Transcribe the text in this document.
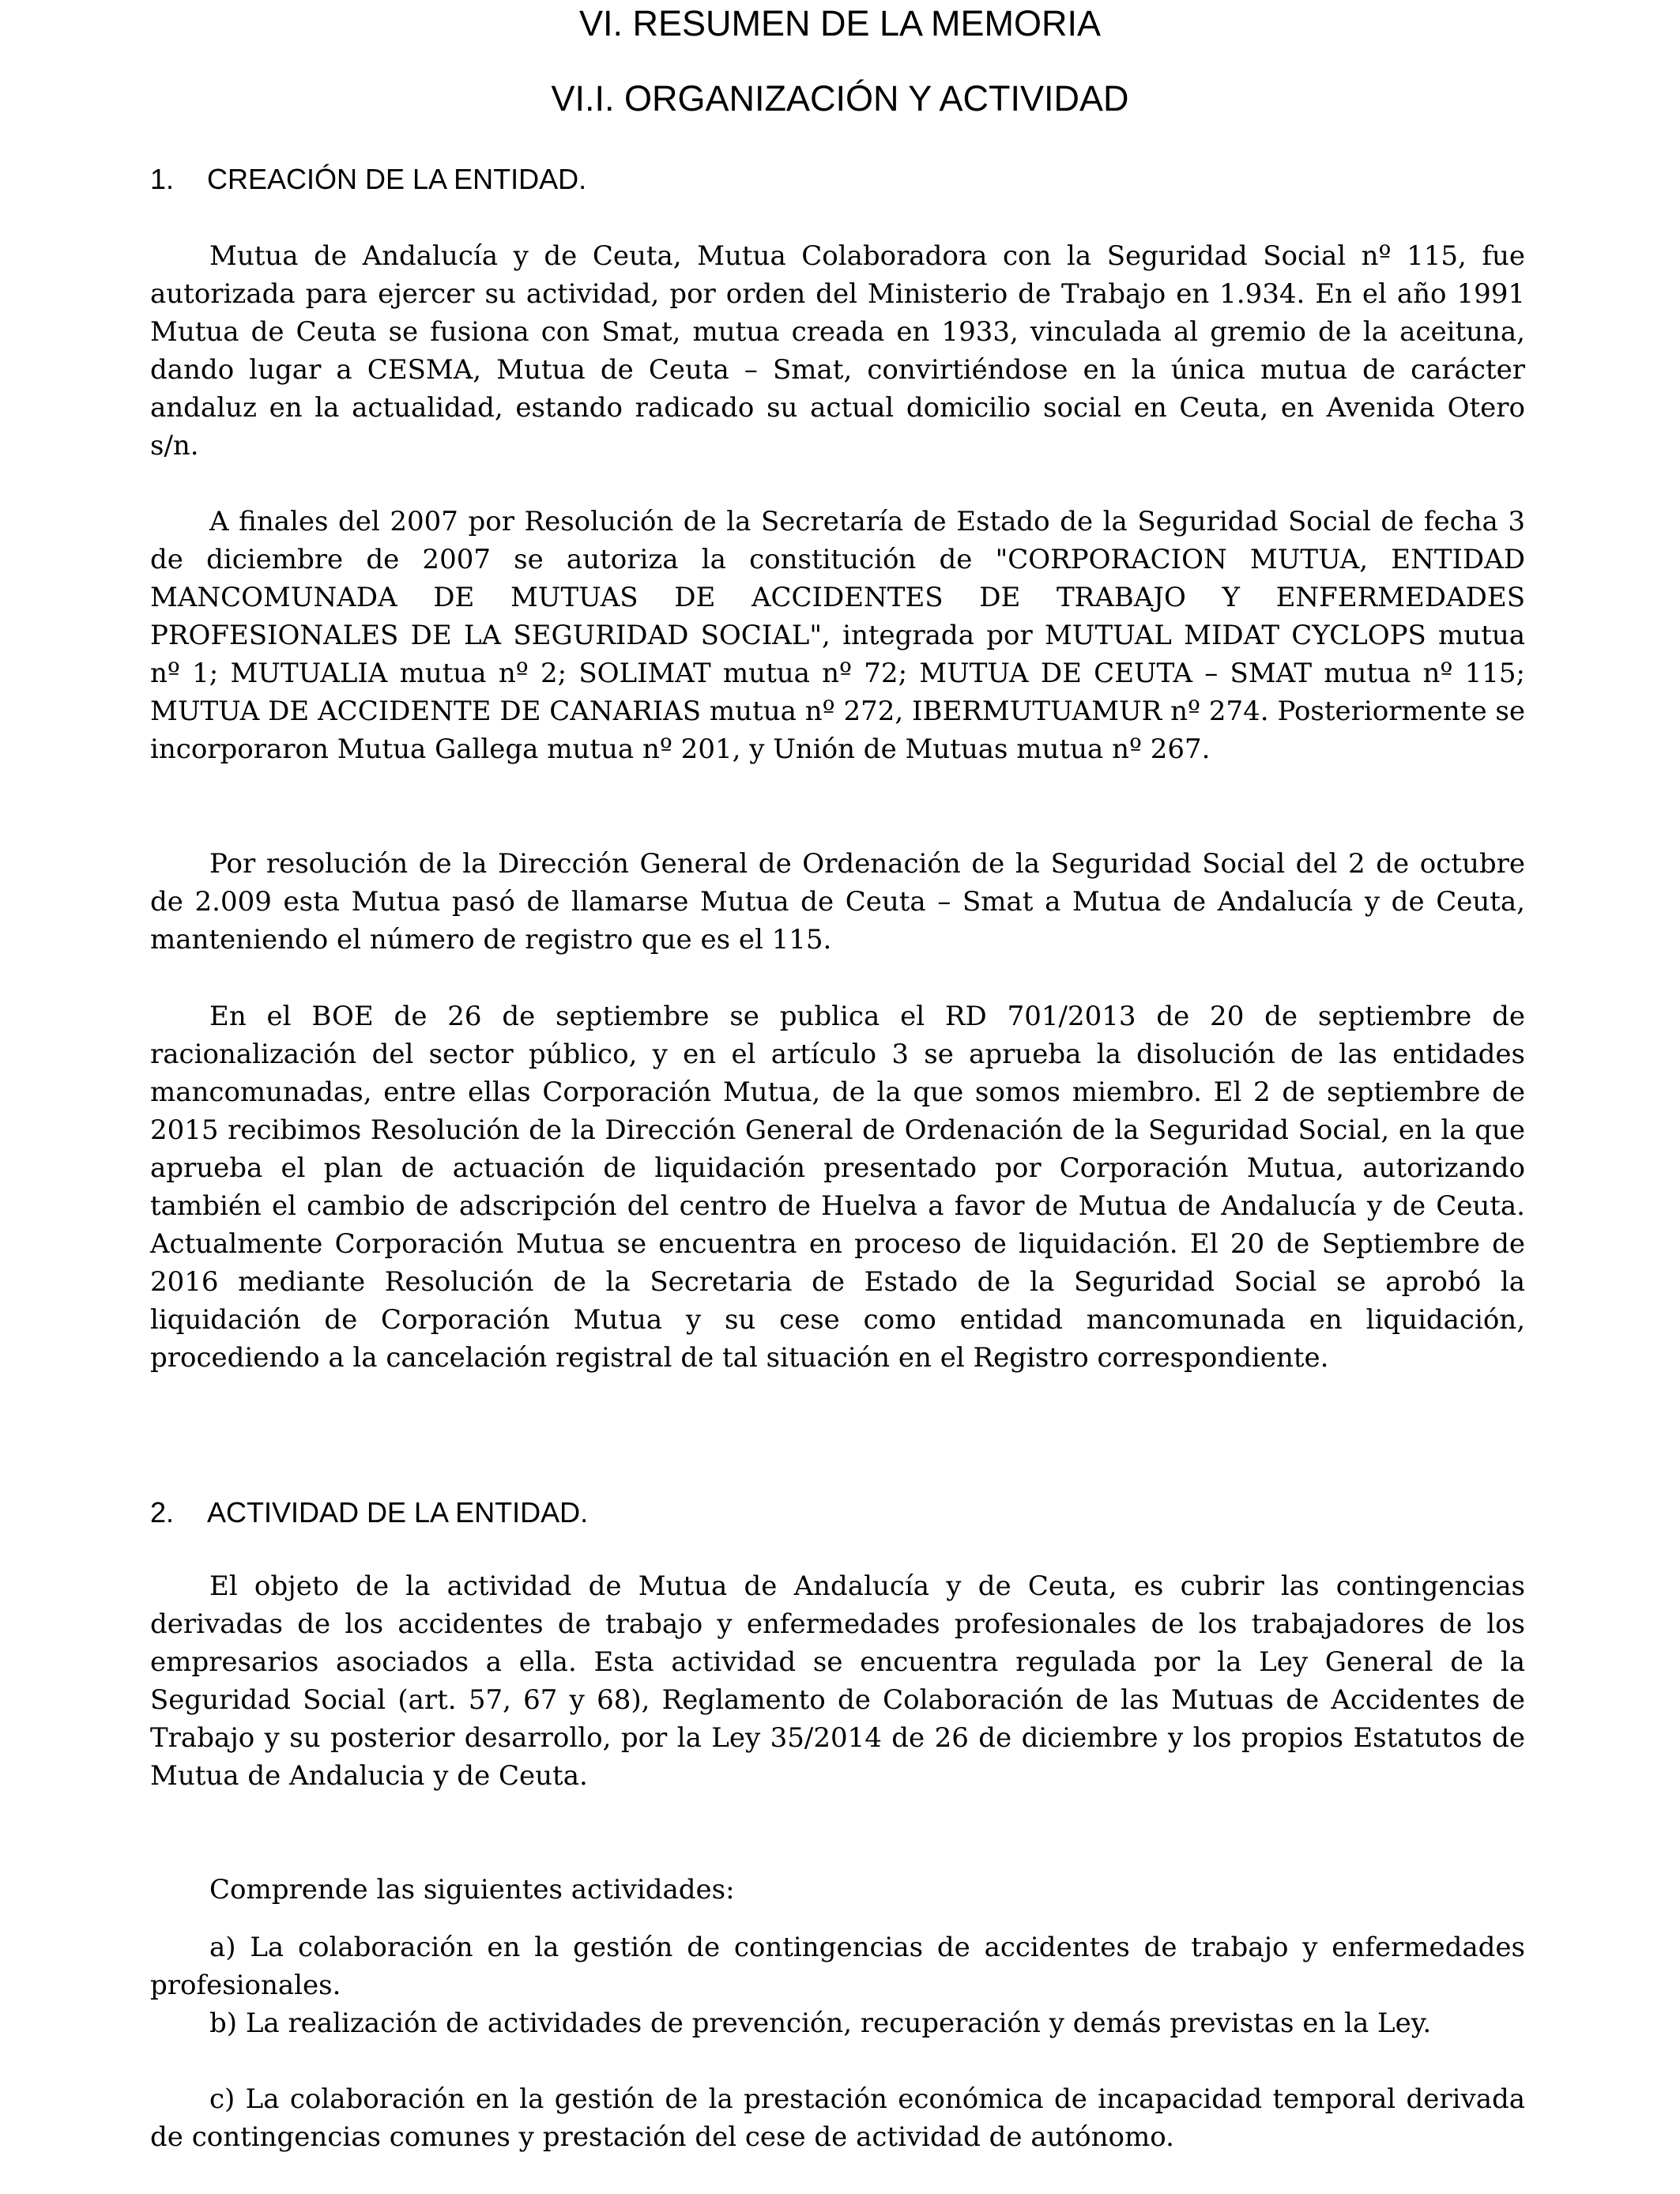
VI. RESUMEN DE LA MEMORIA
VI.I. ORGANIZACIÓN Y ACTIVIDAD
1. CREACIÓN DE LA ENTIDAD.

Mutua de Andalucía y de Ceuta, Mutua Colaboradora con la Seguridad Social nº 115, fue autorizada para ejercer su actividad, por orden del Ministerio de Trabajo en 1.934. En el año 1991 Mutua de Ceuta se fusiona con Smat, mutua creada en 1933, vinculada al gremio de la aceituna, dando lugar a CESMA, Mutua de Ceuta – Smat, convirtiéndose en la única mutua de carácter andaluz en la actualidad, estando radicado su actual domicilio social en Ceuta, en Avenida Otero s/n.

A finales del 2007 por Resolución de la Secretaría de Estado de la Seguridad Social de fecha 3 de diciembre de 2007 se autoriza la constitución de "CORPORACION MUTUA, ENTIDAD MANCOMUNADA DE MUTUAS DE ACCIDENTES DE TRABAJO Y ENFERMEDADES PROFESIONALES DE LA SEGURIDAD SOCIAL", integrada por MUTUAL MIDAT CYCLOPS mutua nº 1; MUTUALIA mutua nº 2; SOLIMAT mutua nº 72; MUTUA DE CEUTA – SMAT mutua nº 115; MUTUA DE ACCIDENTE DE CANARIAS mutua nº 272, IBERMUTUAMUR nº 274. Posteriormente se incorporaron Mutua Gallega mutua nº 201, y Unión de Mutuas mutua nº 267.

Por resolución de la Dirección General de Ordenación de la Seguridad Social del 2 de octubre de 2.009 esta Mutua pasó de llamarse Mutua de Ceuta – Smat a Mutua de Andalucía y de Ceuta, manteniendo el número de registro que es el 115.

En el BOE de 26 de septiembre se publica el RD 701/2013 de 20 de septiembre de racionalización del sector público, y en el artículo 3 se aprueba la disolución de las entidades mancomunadas, entre ellas Corporación Mutua, de la que somos miembro. El 2 de septiembre de 2015 recibimos Resolución de la Dirección General de Ordenación de la Seguridad Social, en la que aprueba el plan de actuación de liquidación presentado por Corporación Mutua, autorizando también el cambio de adscripción del centro de Huelva a favor de Mutua de Andalucía y de Ceuta. Actualmente Corporación Mutua se encuentra en proceso de liquidación. El 20 de Septiembre de 2016 mediante Resolución de la Secretaria de Estado de la Seguridad Social se aprobó la liquidación de Corporación Mutua y su cese como entidad mancomunada en liquidación, procediendo a la cancelación registral de tal situación en el Registro correspondiente.

2. ACTIVIDAD DE LA ENTIDAD.

El objeto de la actividad de Mutua de Andalucía y de Ceuta, es cubrir las contingencias derivadas de los accidentes de trabajo y enfermedades profesionales de los trabajadores de los empresarios asociados a ella. Esta actividad se encuentra regulada por la Ley General de la Seguridad Social (art. 57, 67 y 68), Reglamento de Colaboración de las Mutuas de Accidentes de Trabajo y su posterior desarrollo, por la Ley 35/2014 de 26 de diciembre y los propios Estatutos de Mutua de Andalucia y de Ceuta.

Comprende las siguientes actividades:

a) La colaboración en la gestión de contingencias de accidentes de trabajo y enfermedades profesionales.

b) La realización de actividades de prevención, recuperación y demás previstas en la Ley.

c) La colaboración en la gestión de la prestación económica de incapacidad temporal derivada de contingencias comunes y prestación del cese de actividad de autónomo.
